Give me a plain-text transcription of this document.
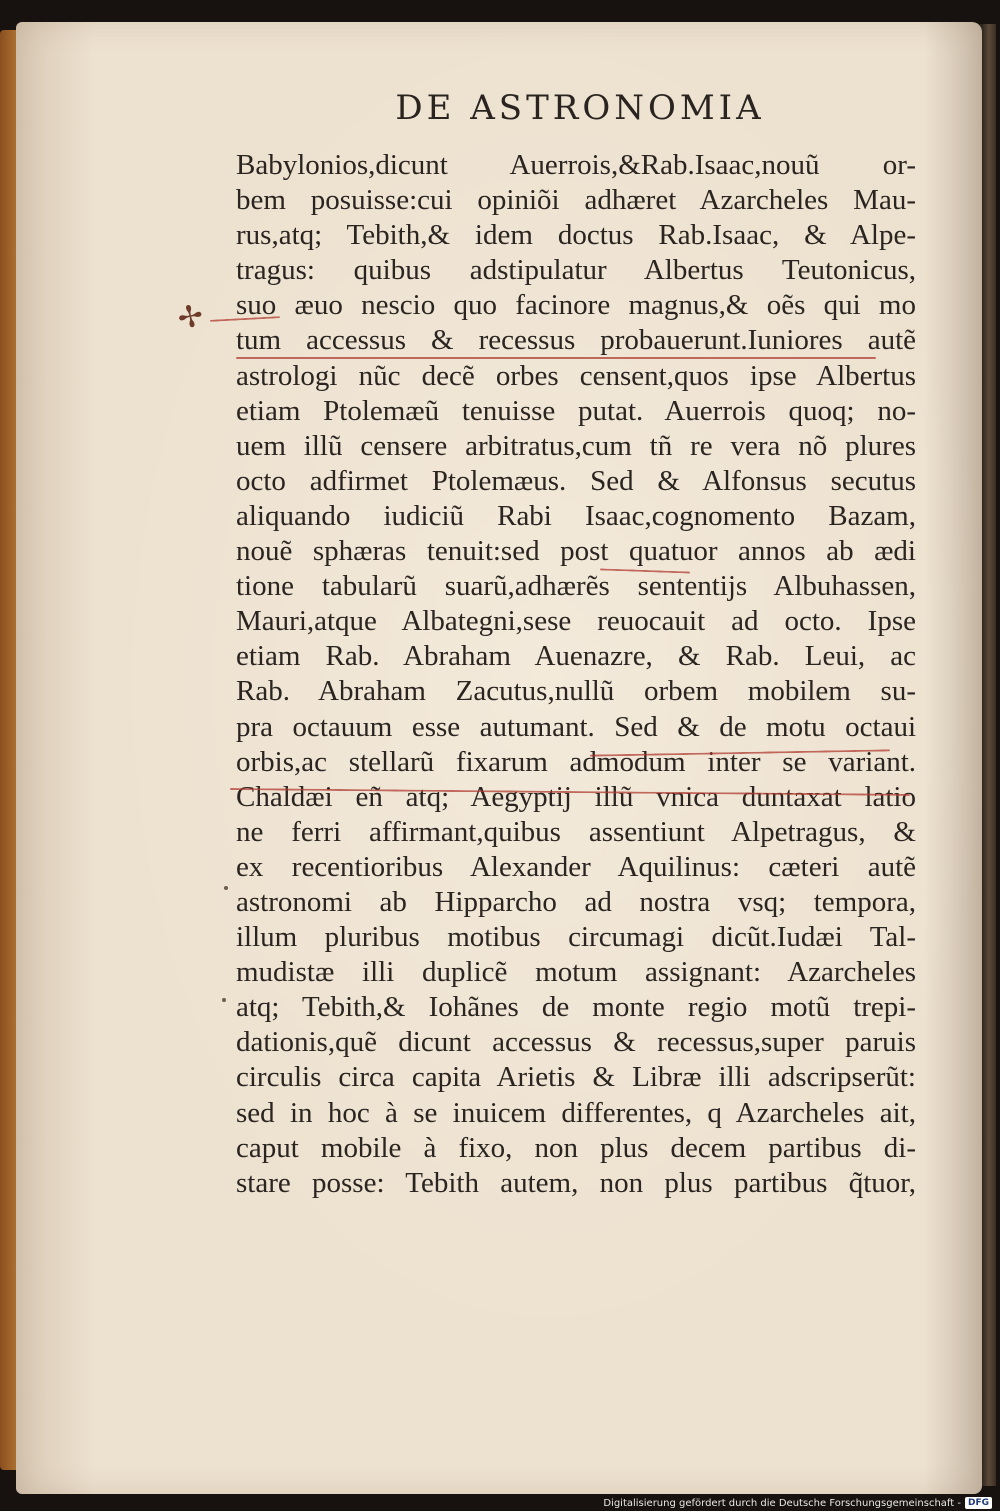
DE ASTRONOMIA
Babylonios,dicunt Auerrois,&Rab.Isaac,nouũ or-
bem posuisse:cui opiniõi adhæret Azarcheles Mau-
rus,atq; Tebith,& idem doctus Rab.Isaac, & Alpe-
tragus: quibus adstipulatur Albertus Teutonicus,
suo æuo nescio quo facinore magnus,& oẽs qui mo
tum accessus & recessus probauerunt.Iuniores autẽ
astrologi nũc decẽ orbes censent,quos ipse Albertus
etiam Ptolemæũ tenuisse putat. Auerrois quoq; no-
uem illũ censere arbitratus,cum tñ re vera nõ plures
octo adfirmet Ptolemæus. Sed & Alfonsus secutus
aliquando iudiciũ Rabi Isaac,cognomento Bazam,
nouẽ sphæras tenuit:sed post quatuor annos ab ædi
tione tabularũ suarũ,adhærẽs sententijs Albuhassen,
Mauri,atque Albategni,sese reuocauit ad octo. Ipse
etiam Rab. Abraham Auenazre, & Rab. Leui, ac
Rab. Abraham Zacutus,nullũ orbem mobilem su-
pra octauum esse autumant. Sed & de motu octaui
orbis,ac stellarũ fixarum admodum inter se variant.
Chaldæi eñ atq; Aegyptij illũ vnica duntaxat latio
ne ferri affirmant,quibus assentiunt Alpetragus, &
ex recentioribus Alexander Aquilinus: cæteri autẽ
astronomi ab Hipparcho ad nostra vsq; tempora,
illum pluribus motibus circumagi dicũt.Iudæi Tal-
mudistæ illi duplicẽ motum assignant: Azarcheles
atq; Tebith,& Iohãnes de monte regio motũ trepi-
dationis,quẽ dicunt accessus & recessus,super paruis
circulis circa capita Arietis & Libræ illi adscripserũt:
sed in hoc à se inuicem differentes, q Azarcheles ait,
caput mobile à fixo, non plus decem partibus di-
stare posse: Tebith autem, non plus partibus q̃tuor,
✢
Digitalisierung gefördert durch die Deutsche Forschungsgemeinschaft - DFG
